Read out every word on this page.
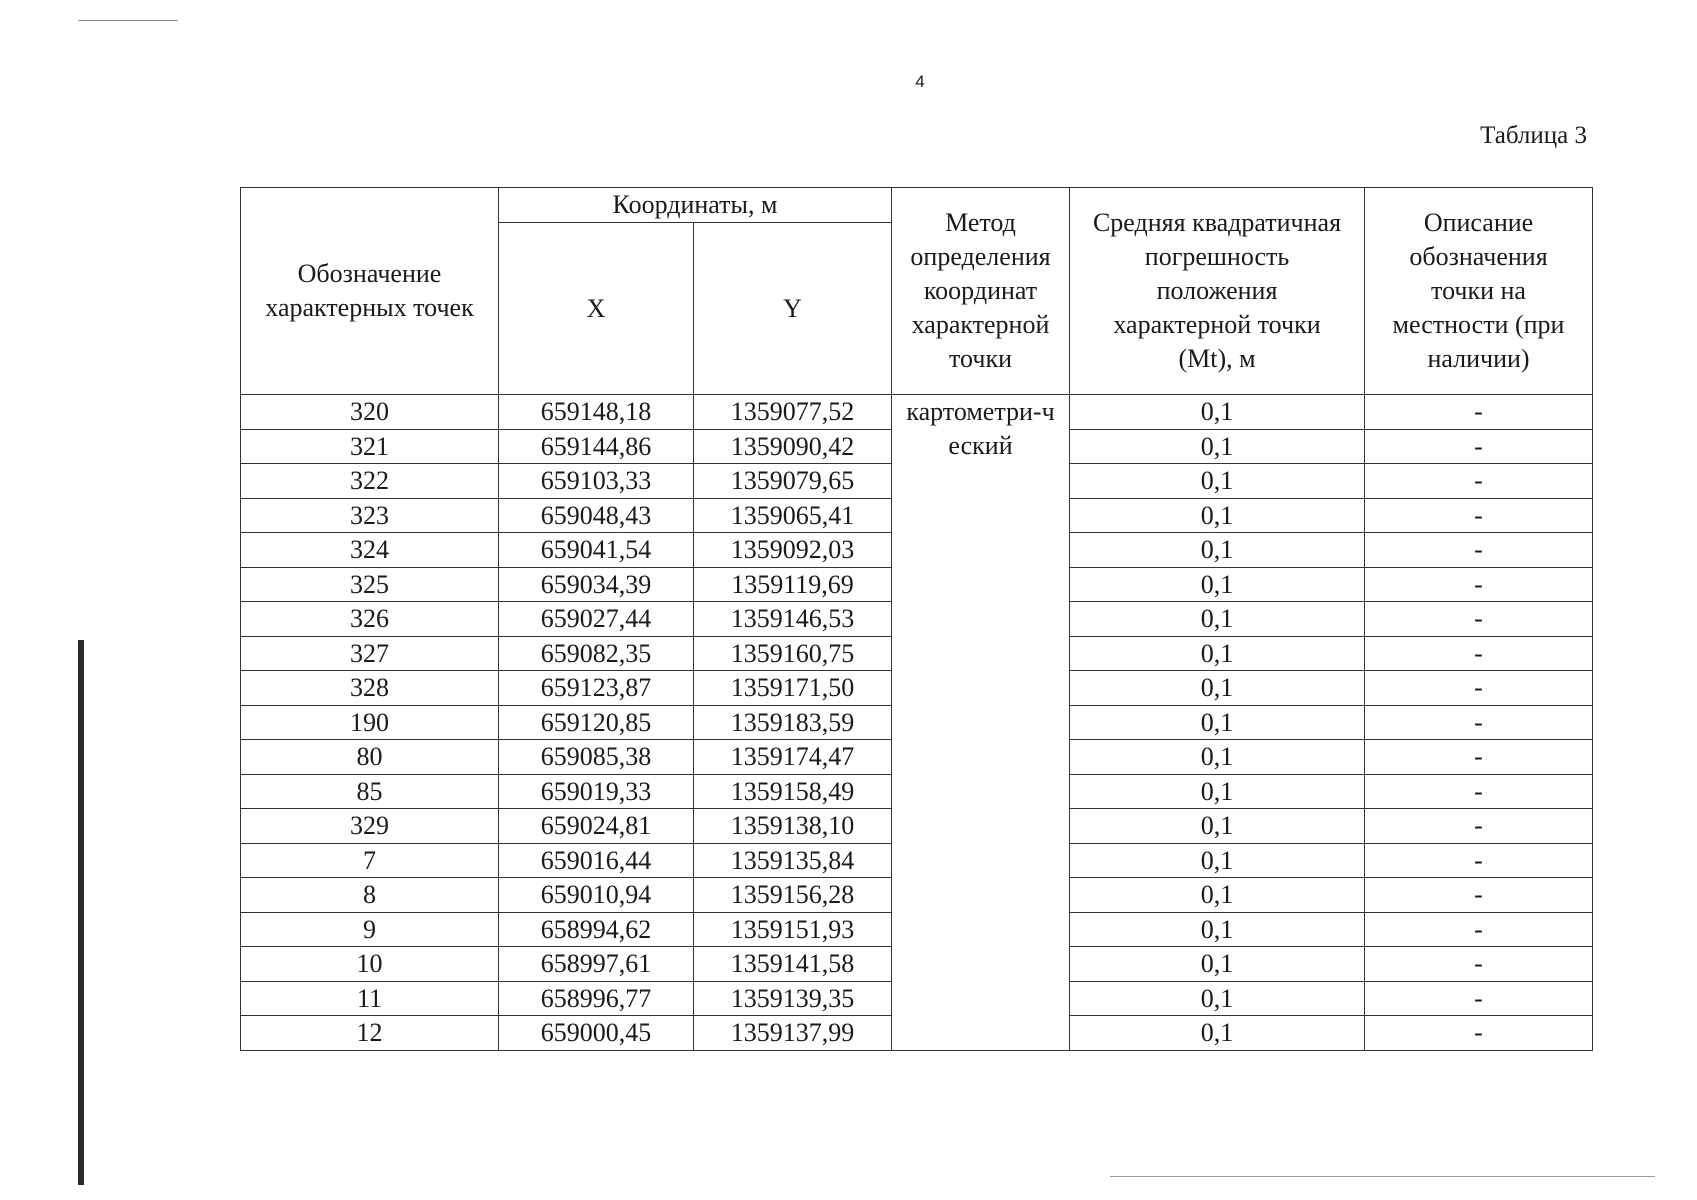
4
Таблица 3
Обозначение характерных точек	Координаты, м		Метод определения координат характерной точки	Средняя квадратичная погрешность положения характерной точки (Mt), м	Описание обозначения точки на местности (при наличии)

	X	Y			

320	659148,18	1359077,52	картометри-ческий	0,1	-
321	659144,86	1359090,42		0,1	-
322	659103,33	1359079,65		0,1	-
323	659048,43	1359065,41		0,1	-
324	659041,54	1359092,03		0,1	-
325	659034,39	1359119,69		0,1	-
326	659027,44	1359146,53		0,1	-
327	659082,35	1359160,75		0,1	-
328	659123,87	1359171,50		0,1	-
190	659120,85	1359183,59		0,1	-
80	659085,38	1359174,47		0,1	-
85	659019,33	1359158,49		0,1	-
329	659024,81	1359138,10		0,1	-
7	659016,44	1359135,84		0,1	-
8	659010,94	1359156,28		0,1	-
9	658994,62	1359151,93		0,1	-
10	658997,61	1359141,58		0,1	-
11	658996,77	1359139,35		0,1	-
12	659000,45	1359137,99		0,1	-
